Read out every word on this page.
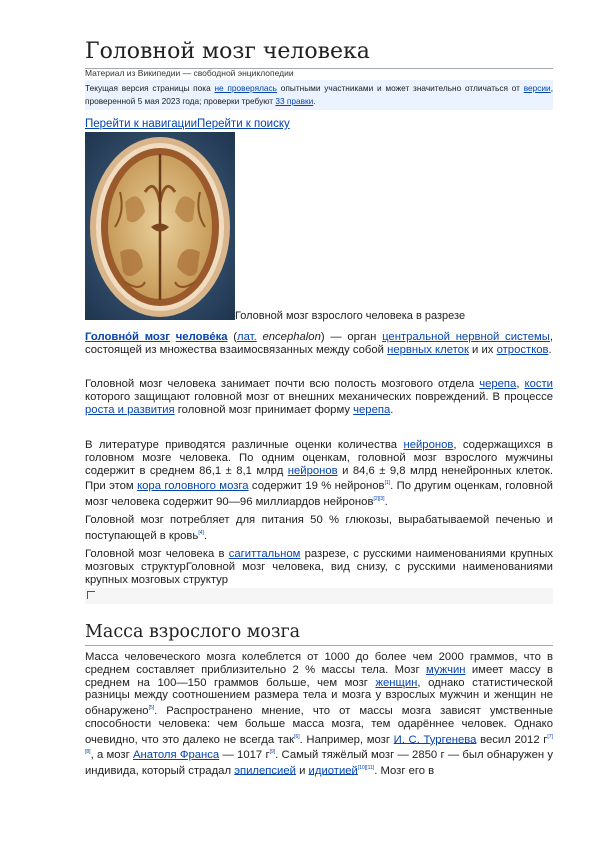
Головной мозг человека
Материал из Википедии — свободной энциклопедии
Текущая версия страницы пока не проверялась опытными участниками и может значительно отличаться от версии, проверенной 5 мая 2023 года; проверки требуют 33 правки.
Перейти к навигацииПерейти к поиску
Головной мозг взрослого человека в разрезе

Головно́й мозг челове́ка (лат. encephalon) — орган центральной нервной системы, состоящей из множества взаимосвязанных между собой нервных клеток и их отростков.

Головной мозг человека занимает почти всю полость мозгового отдела черепа, кости которого защищают головной мозг от внешних механических повреждений. В процессе роста и развития головной мозг принимает форму черепа.

В литературе приводятся различные оценки количества нейронов, содержащихся в головном мозге человека. По одним оценкам, головной мозг взрослого мужчины содержит в среднем 86,1 ± 8,1 млрд нейронов и 84,6 ± 9,8 млрд ненейронных клеток. При этом кора головного мозга содержит 19 % нейронов[1]. По другим оценкам, головной мозг человека содержит 90—96 миллиардов нейронов[2][3].

Головной мозг потребляет для питания 50 % глюкозы, вырабатываемой печенью и поступающей в кровь[4].

Головной мозг человека в сагиттальном разрезе, с русскими наименованиями крупных мозговых структурГоловной мозг человека, вид снизу, с русскими наименованиями крупных мозговых структур

Масса взрослого мозга

Масса человеческого мозга колеблется от 1000 до более чем 2000 граммов, что в среднем составляет приблизительно 2 % массы тела. Мозг мужчин имеет массу в среднем на 100—150 граммов больше, чем мозг женщин, однако статистической разницы между соотношением размера тела и мозга у взрослых мужчин и женщин не обнаружено[5]. Распространено мнение, что от массы мозга зависят умственные способности человека: чем больше масса мозга, тем одарённее человек. Однако очевидно, что это далеко не всегда так[6]. Например, мозг И. С. Тургенева весил 2012 г[7][8], а мозг Анатоля Франса — 1017 г[9]. Самый тяжёлый мозг — 2850 г — был обнаружен у индивида, который страдал эпилепсией и идиотией[10][11]. Мозг его в
